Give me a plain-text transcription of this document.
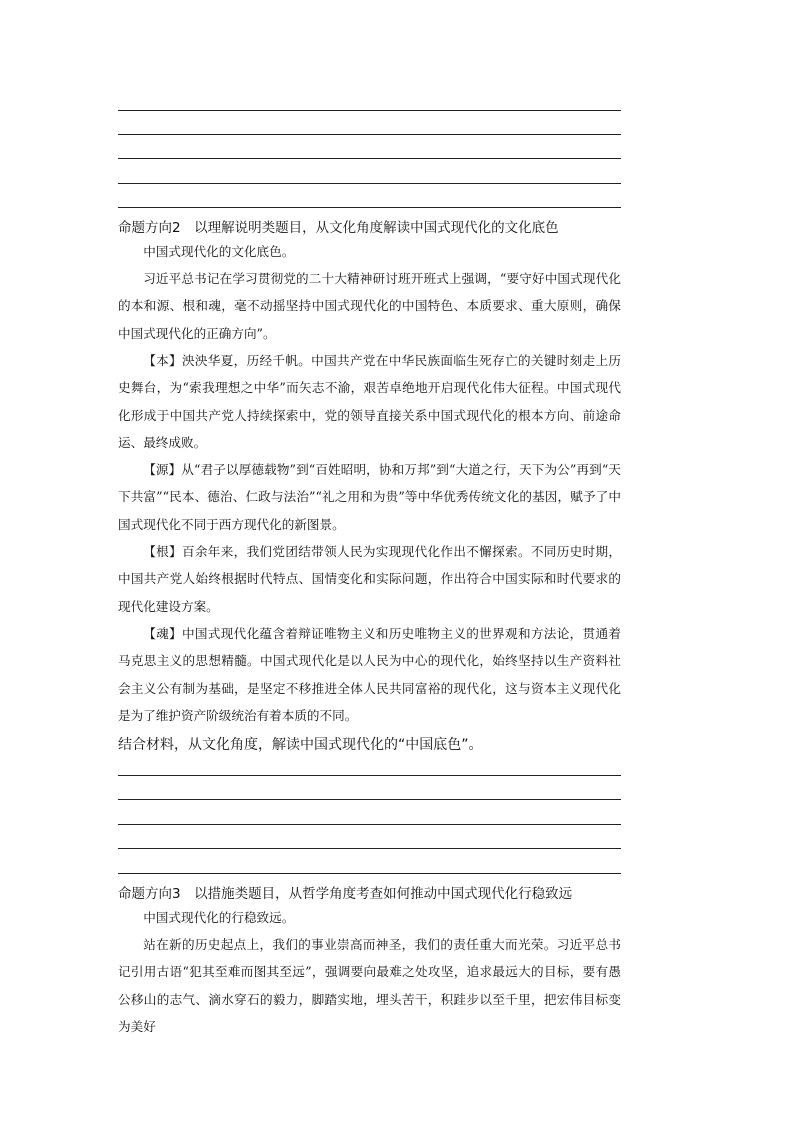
命题方向2　以理解说明类题目，从文化角度解读中国式现代化的文化底色

中国式现代化的文化底色。

习近平总书记在学习贯彻党的二十大精神研讨班开班式上强调，“要守好中国式现代化的本和源、根和魂，毫不动摇坚持中国式现代化的中国特色、本质要求、重大原则，确保中国式现代化的正确方向”。

【本】泱泱华夏，历经千帆。中国共产党在中华民族面临生死存亡的关键时刻走上历史舞台，为“索我理想之中华”而矢志不渝，艰苦卓绝地开启现代化伟大征程。中国式现代化形成于中国共产党人持续探索中，党的领导直接关系中国式现代化的根本方向、前途命运、最终成败。

【源】从“君子以厚德载物”到“百姓昭明，协和万邦”到“大道之行，天下为公”再到“天下共富”“民本、德治、仁政与法治”“礼之用和为贵”等中华优秀传统文化的基因，赋予了中国式现代化不同于西方现代化的新图景。

【根】百余年来，我们党团结带领人民为实现现代化作出不懈探索。不同历史时期，中国共产党人始终根据时代特点、国情变化和实际问题，作出符合中国实际和时代要求的现代化建设方案。

【魂】中国式现代化蕴含着辩证唯物主义和历史唯物主义的世界观和方法论，贯通着马克思主义的思想精髓。中国式现代化是以人民为中心的现代化，始终坚持以生产资料社会主义公有制为基础，是坚定不移推进全体人民共同富裕的现代化，这与资本主义现代化是为了维护资产阶级统治有着本质的不同。

结合材料，从文化角度，解读中国式现代化的“中国底色”。
命题方向3　以措施类题目，从哲学角度考查如何推动中国式现代化行稳致远

中国式现代化的行稳致远。

站在新的历史起点上，我们的事业崇高而神圣，我们的责任重大而光荣。习近平总书记引用古语“犯其至难而图其至远”，强调要向最难之处攻坚，追求最远大的目标，要有愚公移山的志气、滴水穿石的毅力，脚踏实地，埋头苦干，积跬步以至千里，把宏伟目标变为美好
